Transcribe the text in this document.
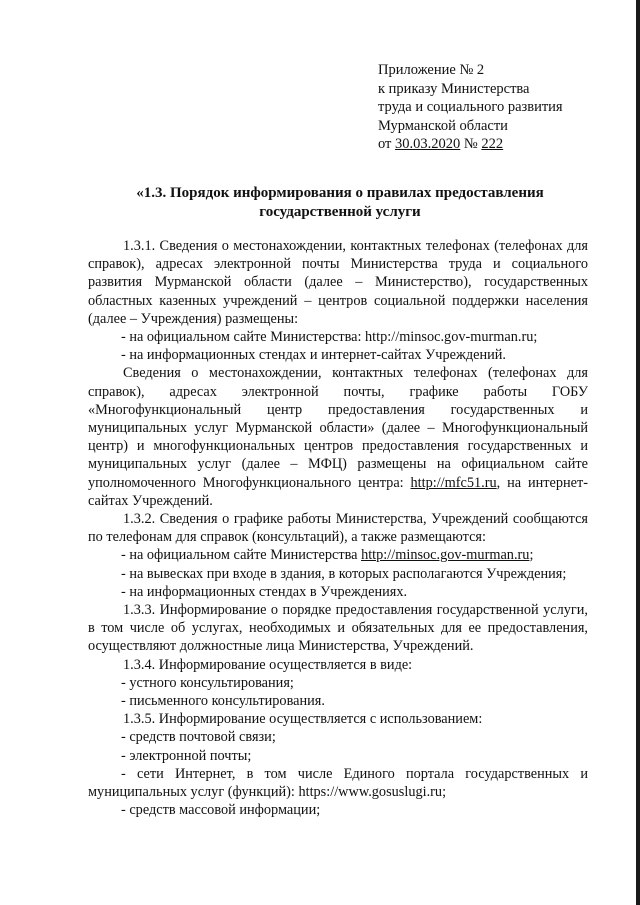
Приложение № 2
к приказу Министерства
труда и социального развития
Мурманской области
от 30.03.2020 № 222
«1.3. Порядок информирования о правилах предоставления
государственной услуги

1.3.1. Сведения о местонахождении, контактных телефонах (телефонах для справок), адресах электронной почты Министерства труда и социального развития Мурманской области (далее – Министерство), государственных областных казенных учреждений – центров социальной поддержки населения (далее – Учреждения) размещены:

- на официальном сайте Министерства: http://minsoc.gov-murman.ru;

- на информационных стендах и интернет-сайтах Учреждений.

Сведения о местонахождении, контактных телефонах (телефонах для справок), адресах электронной почты, графике работы ГОБУ «Многофункциональный центр предоставления государственных и муниципальных услуг Мурманской области» (далее – Многофункциональный центр) и многофункциональных центров предоставления государственных и муниципальных услуг (далее – МФЦ) размещены на официальном сайте уполномоченного Многофункционального центра: http://mfc51.ru, на интернет-сайтах Учреждений.

1.3.2. Сведения о графике работы Министерства, Учреждений сообщаются по телефонам для справок (консультаций), а также размещаются:

- на официальном сайте Министерства http://minsoc.gov-murman.ru;

- на вывесках при входе в здания, в которых располагаются Учреждения;

- на информационных стендах в Учреждениях.

1.3.3. Информирование о порядке предоставления государственной услуги, в том числе об услугах, необходимых и обязательных для ее предоставления, осуществляют должностные лица Министерства, Учреждений.

1.3.4. Информирование осуществляется в виде:

- устного консультирования;

- письменного консультирования.

1.3.5. Информирование осуществляется с использованием:

- средств почтовой связи;

- электронной почты;

- сети Интернет, в том числе Единого портала государственных и муниципальных услуг (функций): https://www.gosuslugi.ru;

- средств массовой информации;
